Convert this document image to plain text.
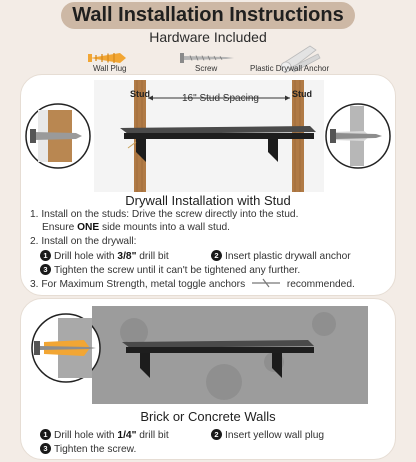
Wall Installation Instructions
Hardware Included
Wall Plug	Screw	Plastic Drywall Anchor
Stud	Stud
16" Stud Spacing
Drywall Installation with Stud
1. Install on the studs: Drive the screw directly into the stud.
Ensure ONE side mounts into a wall stud.
2. Install on the drywall:
1 Drill hole with 3/8" drill bit	2 Insert plastic drywall anchor
3 Tighten the screw until it can't be tightened any further.
3. For Maximum Strength, metal toggle anchors	recommended.
Brick or Concrete Walls
1 Drill hole with 1/4" drill bit	2 Insert yellow wall plug
3 Tighten the screw.
